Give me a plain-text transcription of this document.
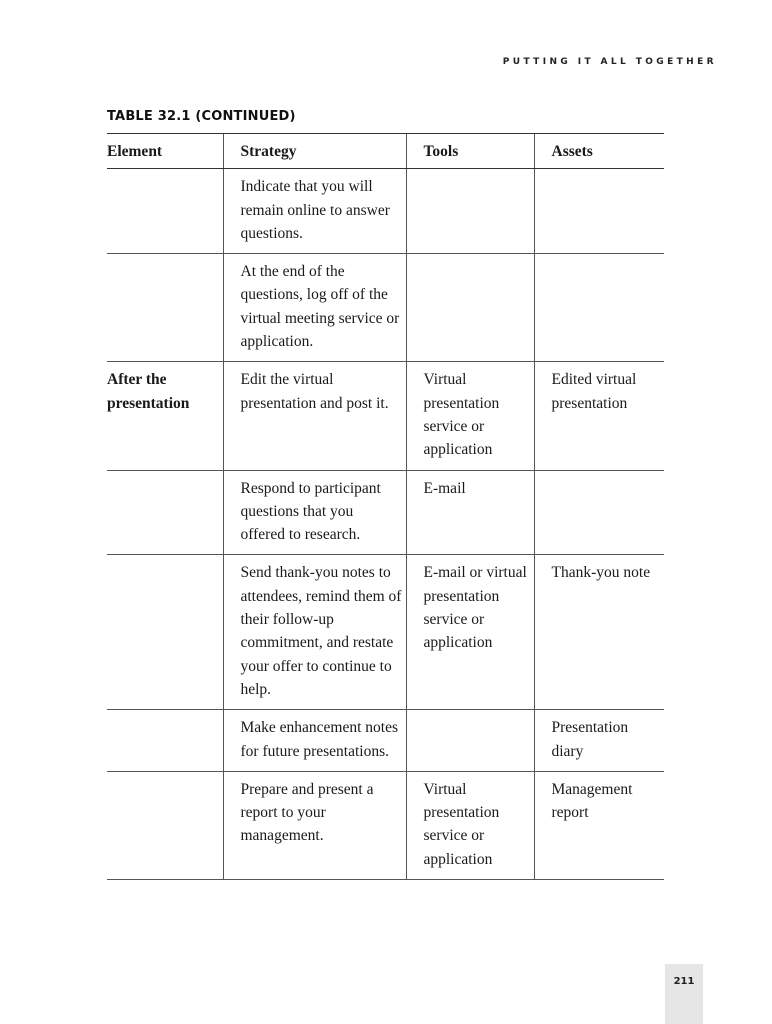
PUTTING IT ALL TOGETHER
TABLE 32.1 (CONTINUED)
Element	Strategy	Tools	Assets
	Indicate that you will remain online to answer questions.		
	At the end of the questions, log off of the virtual meeting service or application.		
After the presentation	Edit the virtual presentation and post it.	Virtual presentation service or application	Edited virtual presentation
	Respond to participant questions that you offered to research.	E-mail	
	Send thank-you notes to attendees, remind them of their follow-up commitment, and restate your offer to continue to help.	E-mail or virtual presentation service or application	Thank-you note
	Make enhancement notes for future presentations.		Presentation diary
	Prepare and present a report to your management.	Virtual presentation service or application	Management report
211
